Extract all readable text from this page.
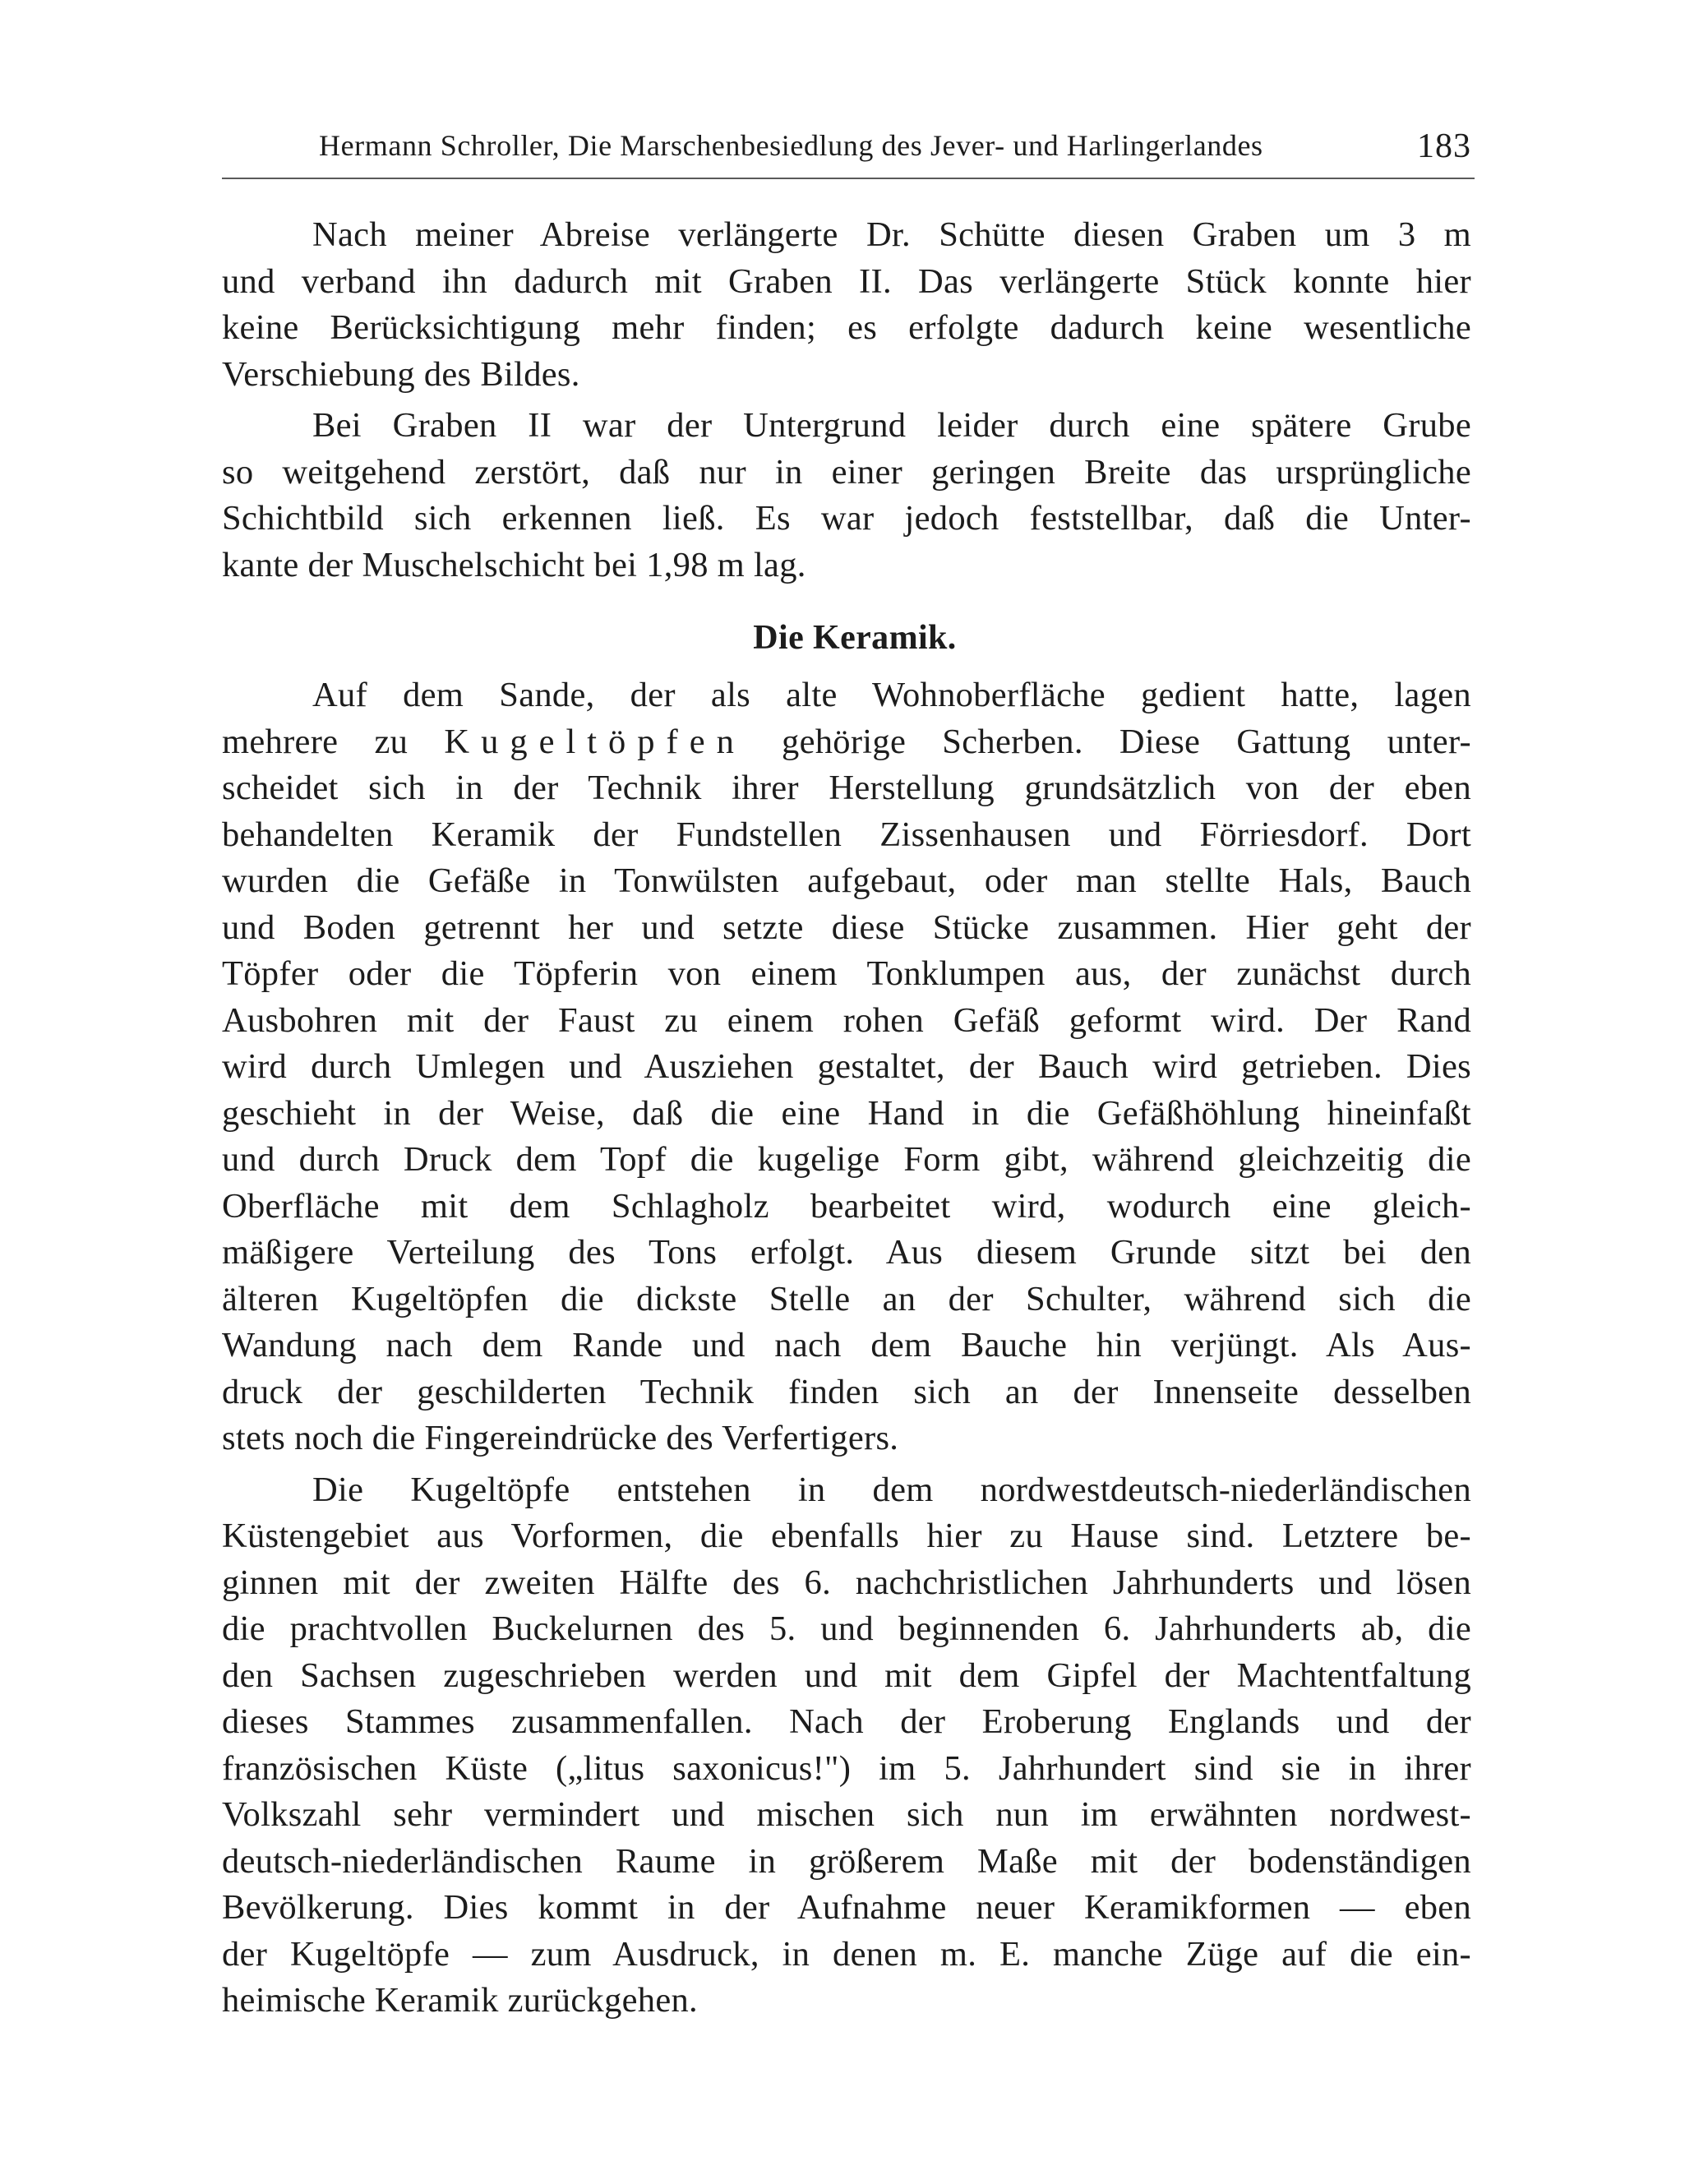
Hermann Schroller, Die Marschenbesiedlung des Jever- und Harlingerlandes	183

Nach meiner Abreise verlängerte Dr. Schütte diesen Graben um 3 m
und verband ihn dadurch mit Graben II. Das verlängerte Stück konnte hier
keine Berücksichtigung mehr finden; es erfolgte dadurch keine wesentliche
Verschiebung des Bildes.

Bei Graben II war der Untergrund leider durch eine spätere Grube
so weitgehend zerstört, daß nur in einer geringen Breite das ursprüngliche
Schichtbild sich erkennen ließ. Es war jedoch feststellbar, daß die Unter-
kante der Muschelschicht bei 1,98 m lag.

Die Keramik.

Auf dem Sande, der als alte Wohnoberfläche gedient hatte, lagen
mehrere zu Kugeltöpfen gehörige Scherben. Diese Gattung unter-
scheidet sich in der Technik ihrer Herstellung grundsätzlich von der eben
behandelten Keramik der Fundstellen Zissenhausen und Förriesdorf. Dort
wurden die Gefäße in Tonwülsten aufgebaut, oder man stellte Hals, Bauch
und Boden getrennt her und setzte diese Stücke zusammen. Hier geht der
Töpfer oder die Töpferin von einem Tonklumpen aus, der zunächst durch
Ausbohren mit der Faust zu einem rohen Gefäß geformt wird. Der Rand
wird durch Umlegen und Ausziehen gestaltet, der Bauch wird getrieben. Dies
geschieht in der Weise, daß die eine Hand in die Gefäßhöhlung hineinfaßt
und durch Druck dem Topf die kugelige Form gibt, während gleichzeitig die
Oberfläche mit dem Schlagholz bearbeitet wird, wodurch eine gleich-
mäßigere Verteilung des Tons erfolgt. Aus diesem Grunde sitzt bei den
älteren Kugeltöpfen die dickste Stelle an der Schulter, während sich die
Wandung nach dem Rande und nach dem Bauche hin verjüngt. Als Aus-
druck der geschilderten Technik finden sich an der Innenseite desselben
stets noch die Fingereindrücke des Verfertigers.

Die Kugeltöpfe entstehen in dem nordwestdeutsch-niederländischen
Küstengebiet aus Vorformen, die ebenfalls hier zu Hause sind. Letztere be-
ginnen mit der zweiten Hälfte des 6. nachchristlichen Jahrhunderts und lösen
die prachtvollen Buckelurnen des 5. und beginnenden 6. Jahrhunderts ab, die
den Sachsen zugeschrieben werden und mit dem Gipfel der Machtentfaltung
dieses Stammes zusammenfallen. Nach der Eroberung Englands und der
französischen Küste („litus saxonicus!") im 5. Jahrhundert sind sie in ihrer
Volkszahl sehr vermindert und mischen sich nun im erwähnten nordwest-
deutsch-niederländischen Raume in größerem Maße mit der bodenständigen
Bevölkerung. Dies kommt in der Aufnahme neuer Keramikformen — eben
der Kugeltöpfe — zum Ausdruck, in denen m. E. manche Züge auf die ein-
heimische Keramik zurückgehen.
